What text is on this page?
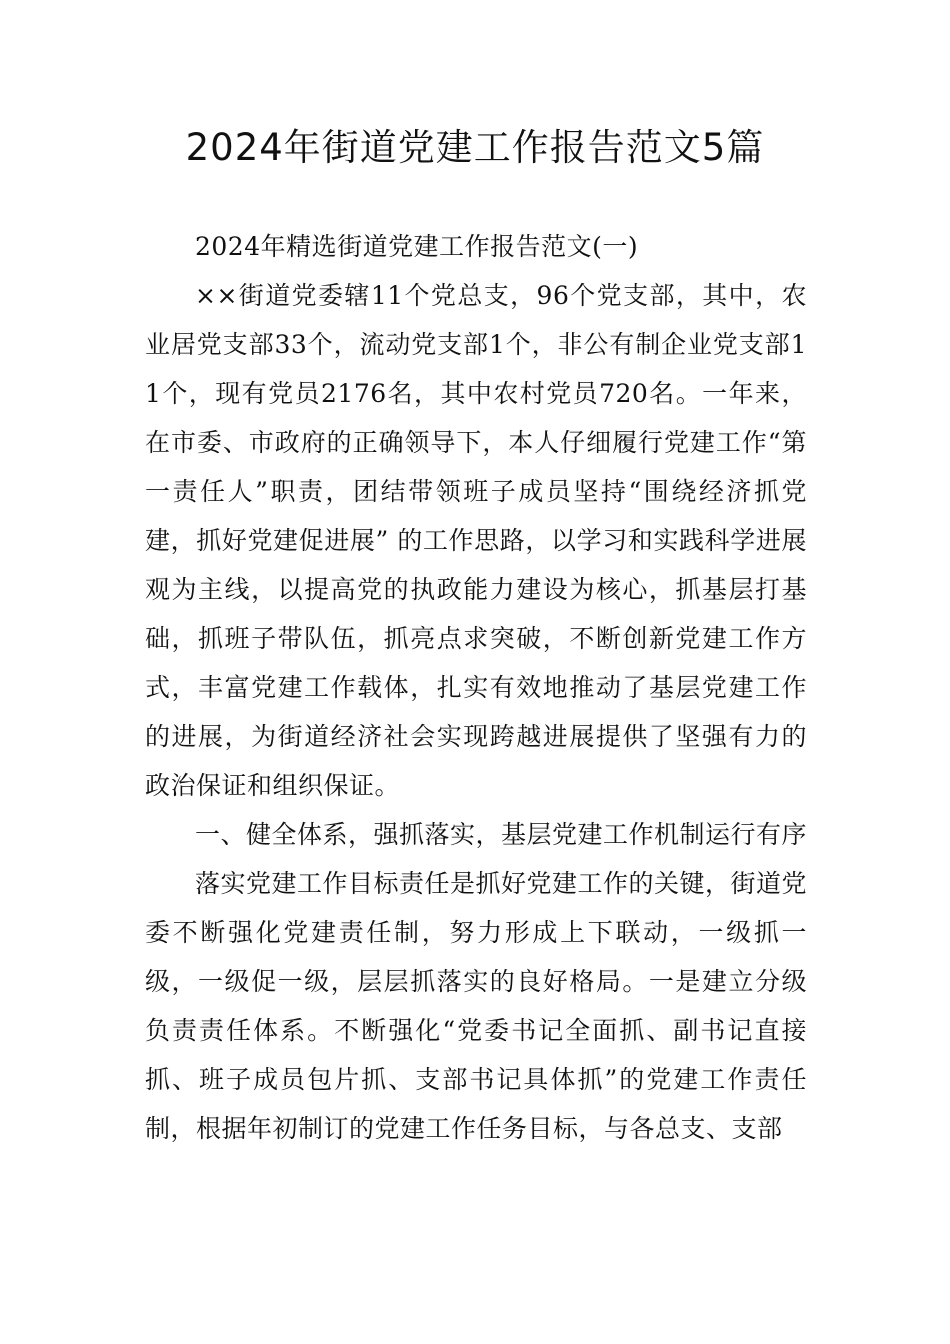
2024年街道党建工作报告范文5篇

2024年精选街道党建工作报告范文(一)

××街道党委辖11个党总支，96个党支部，其中，农业居党支部33个，流动党支部1个，非公有制企业党支部11个，现有党员2176名，其中农村党员720名。一年来，在市委、市政府的正确领导下，本人仔细履行党建工作“第一责任人”职责，团结带领班子成员坚持“围绕经济抓党建，抓好党建促进展” 的工作思路，以学习和实践科学进展观为主线，以提高党的执政能力建设为核心，抓基层打基础，抓班子带队伍，抓亮点求突破，不断创新党建工作方式，丰富党建工作载体，扎实有效地推动了基层党建工作的进展，为街道经济社会实现跨越进展提供了坚强有力的政治保证和组织保证。

一、健全体系，强抓落实，基层党建工作机制运行有序

落实党建工作目标责任是抓好党建工作的关键，街道党委不断强化党建责任制，努力形成上下联动，一级抓一级，一级促一级，层层抓落实的良好格局。一是建立分级负责责任体系。不断强化“党委书记全面抓、副书记直接抓、班子成员包片抓、支部书记具体抓”的党建工作责任制，根据年初制订的党建工作任务目标，与各总支、支部
